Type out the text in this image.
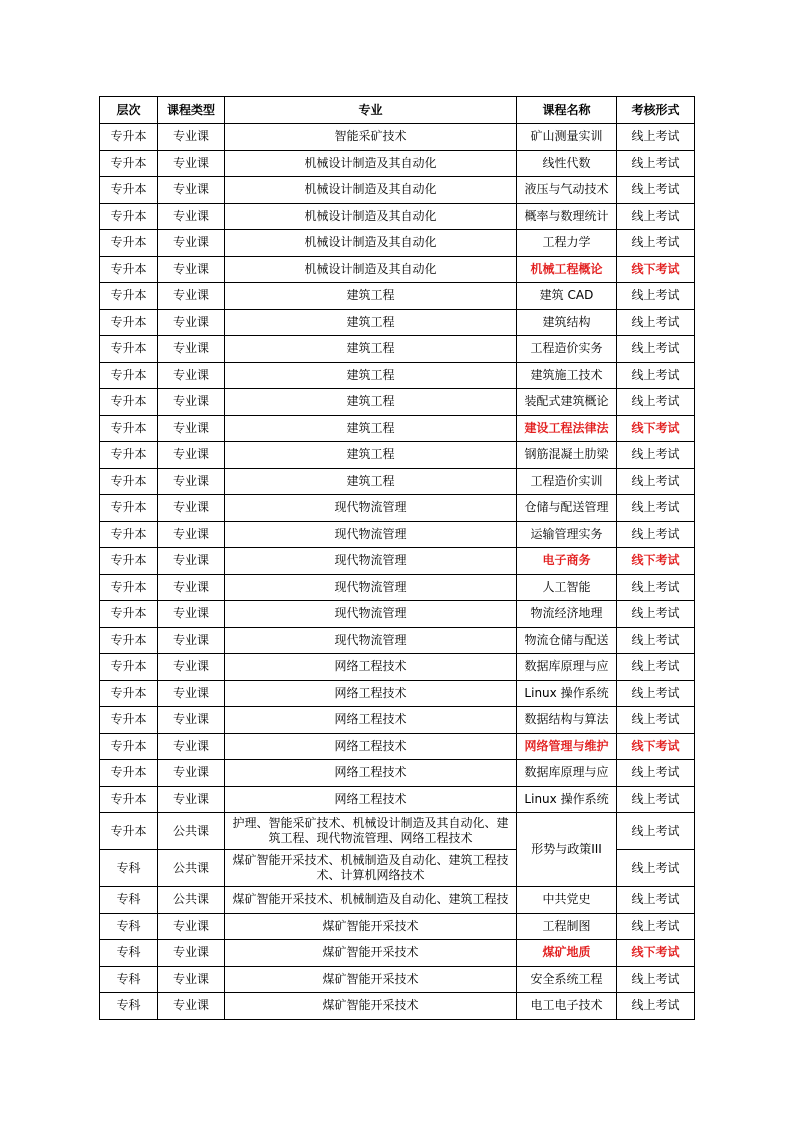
层次	课程类型	专业	课程名称	考核形式
专升本	专业课	智能采矿技术	矿山测量实训	线上考试
专升本	专业课	机械设计制造及其自动化	线性代数	线上考试
专升本	专业课	机械设计制造及其自动化	液压与气动技术	线上考试
专升本	专业课	机械设计制造及其自动化	概率与数理统计	线上考试
专升本	专业课	机械设计制造及其自动化	工程力学	线上考试
专升本	专业课	机械设计制造及其自动化	机械工程概论	线下考试
专升本	专业课	建筑工程	建筑 CAD	线上考试
专升本	专业课	建筑工程	建筑结构	线上考试
专升本	专业课	建筑工程	工程造价实务	线上考试
专升本	专业课	建筑工程	建筑施工技术	线上考试
专升本	专业课	建筑工程	装配式建筑概论	线上考试
专升本	专业课	建筑工程	建设工程法律法	线下考试
专升本	专业课	建筑工程	钢筋混凝土肋梁	线上考试
专升本	专业课	建筑工程	工程造价实训	线上考试
专升本	专业课	现代物流管理	仓储与配送管理	线上考试
专升本	专业课	现代物流管理	运输管理实务	线上考试
专升本	专业课	现代物流管理	电子商务	线下考试
专升本	专业课	现代物流管理	人工智能	线上考试
专升本	专业课	现代物流管理	物流经济地理	线上考试
专升本	专业课	现代物流管理	物流仓储与配送	线上考试
专升本	专业课	网络工程技术	数据库原理与应	线上考试
专升本	专业课	网络工程技术	Linux 操作系统	线上考试
专升本	专业课	网络工程技术	数据结构与算法	线上考试
专升本	专业课	网络工程技术	网络管理与维护	线下考试
专升本	专业课	网络工程技术	数据库原理与应	线上考试
专升本	专业课	网络工程技术	Linux 操作系统	线上考试
专升本	公共课	护理、智能采矿技术、机械设计制造及其自动化、建筑工程、现代物流管理、网络工程技术	形势与政策III	线上考试
专科	公共课	煤矿智能开采技术、机械制造及自动化、建筑工程技术、计算机网络技术		线上考试
专科	公共课	煤矿智能开采技术、机械制造及自动化、建筑工程技	中共党史	线上考试
专科	专业课	煤矿智能开采技术	工程制图	线上考试
专科	专业课	煤矿智能开采技术	煤矿地质	线下考试
专科	专业课	煤矿智能开采技术	安全系统工程	线上考试
专科	专业课	煤矿智能开采技术	电工电子技术	线上考试
